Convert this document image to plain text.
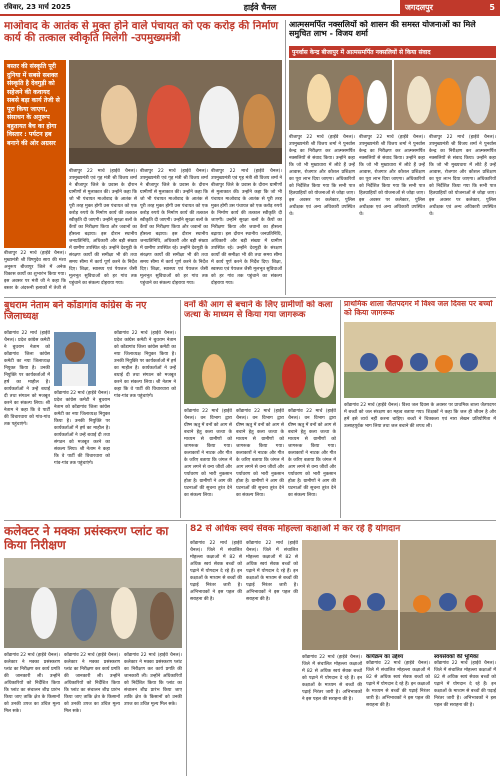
रविवार, 23 मार्च 2025	हाईवे चैनल	जगदलपुर	5
माओवाद के आतंक से मुक्त होने वाले पंचायत को एक करोड़ की निर्माण कार्य की तत्काल स्वीकृति मिलेगी -उपमुख्यमंत्री
बस्तर की संस्कृति पूरी दुनिया में सबसे सशक्त संस्कृति है देवगुड़ी को सहेजने की कवायद सबसे बड़ा कार्य तेजी से पूरा किया जाएगा, संसाधन के अनुरूप बहुतायत बैच का होगा विस्तार : पर्यटन हब बनाने की ओर अग्रसर
बीजापुर 22 मार्च (हाईवे चैनल)। मुख्यमंत्री श्री विष्णुदेव साय की मंशा अनुरूप बीजापुर जिले में अनेक विकास कार्यों का शुभारंभ किया गया। इस अवसर पर मंत्री जी ने कहा कि बस्तर के अंदरूनी इलाकों में तेजी से
बीजापुर 22 मार्च (हाईवे चैनल)। उपमुख्यमंत्री एवं गृह मंत्री श्री विजय शर्मा ने बीजापुर जिले के प्रवास के दौरान ग्रामीणों से मुलाकात की। उन्होंने कहा कि जो भी पंचायत माओवाद के आतंक से पूरी तरह मुक्त होगी उस पंचायत को एक करोड़ रुपये के निर्माण कार्य की तत्काल स्वीकृति दी जाएगी। उन्होंने सुरक्षा बलों के कैंपों का निरीक्षण किया और जवानों का हौसला बढ़ाया। इस दौरान स्थानीय जनप्रतिनिधि, अधिकारी और बड़ी संख्या में ग्रामीण उपस्थित रहे। उन्होंने देवगुड़ी के संरक्षण कार्यों की समीक्षा भी की तथा समय सीमा में कार्य पूर्ण करने के निर्देश दिए। शिक्षा, स्वास्थ्य एवं पेयजल जैसी मूलभूत सुविधाओं को हर गांव तक पहुंचाने का संकल्प दोहराया गया।
बीजापुर 22 मार्च (हाईवे चैनल)। उपमुख्यमंत्री एवं गृह मंत्री श्री विजय शर्मा ने बीजापुर जिले के प्रवास के दौरान ग्रामीणों से मुलाकात की। उन्होंने कहा कि जो भी पंचायत माओवाद के आतंक से पूरी तरह मुक्त होगी उस पंचायत को एक करोड़ रुपये के निर्माण कार्य की तत्काल स्वीकृति दी जाएगी। उन्होंने सुरक्षा बलों के कैंपों का निरीक्षण किया और जवानों का हौसला बढ़ाया। इस दौरान स्थानीय जनप्रतिनिधि, अधिकारी और बड़ी संख्या में ग्रामीण उपस्थित रहे। उन्होंने देवगुड़ी के संरक्षण कार्यों की समीक्षा भी की तथा समय सीमा में कार्य पूर्ण करने के निर्देश दिए। शिक्षा, स्वास्थ्य एवं पेयजल जैसी मूलभूत सुविधाओं को हर गांव तक पहुंचाने का संकल्प दोहराया गया।
बीजापुर 22 मार्च (हाईवे चैनल)। उपमुख्यमंत्री एवं गृह मंत्री श्री विजय शर्मा ने बीजापुर जिले के प्रवास के दौरान ग्रामीणों से मुलाकात की। उन्होंने कहा कि जो भी पंचायत माओवाद के आतंक से पूरी तरह मुक्त होगी उस पंचायत को एक करोड़ रुपये के निर्माण कार्य की तत्काल स्वीकृति दी जाएगी। उन्होंने सुरक्षा बलों के कैंपों का निरीक्षण किया और जवानों का हौसला बढ़ाया। इस दौरान स्थानीय जनप्रतिनिधि, अधिकारी और बड़ी संख्या में ग्रामीण उपस्थित रहे। उन्होंने देवगुड़ी के संरक्षण कार्यों की समीक्षा भी की तथा समय सीमा में कार्य पूर्ण करने के निर्देश दिए। शिक्षा, स्वास्थ्य एवं पेयजल जैसी मूलभूत सुविधाओं को हर गांव तक पहुंचाने का संकल्प दोहराया गया।
आत्मसमर्पित नक्सलियों को शासन की समस्त योजनाओं का मिले समुचित लाभ - विजय शर्मा
पुनर्वास केन्द्र बीजापुर में आत्मसमर्पित नक्सलियों से किया संवाद
बीजापुर 22 मार्च (हाईवे चैनल)। उपमुख्यमंत्री श्री विजय शर्मा ने पुनर्वास केन्द्र का निरीक्षण कर आत्मसमर्पित नक्सलियों से संवाद किया। उन्होंने कहा कि जो भी मुख्यधारा में लौटे हैं उन्हें आवास, रोजगार और कौशल प्रशिक्षण का पूरा लाभ दिया जाएगा। अधिकारियों को निर्देशित किया गया कि सभी पात्र हितग्राहियों को योजनाओं से जोड़ा जाए। इस अवसर पर कलेक्टर, पुलिस अधीक्षक एवं अन्य अधिकारी उपस्थित थे।
बीजापुर 22 मार्च (हाईवे चैनल)। उपमुख्यमंत्री श्री विजय शर्मा ने पुनर्वास केन्द्र का निरीक्षण कर आत्मसमर्पित नक्सलियों से संवाद किया। उन्होंने कहा कि जो भी मुख्यधारा में लौटे हैं उन्हें आवास, रोजगार और कौशल प्रशिक्षण का पूरा लाभ दिया जाएगा। अधिकारियों को निर्देशित किया गया कि सभी पात्र हितग्राहियों को योजनाओं से जोड़ा जाए। इस अवसर पर कलेक्टर, पुलिस अधीक्षक एवं अन्य अधिकारी उपस्थित थे।
बीजापुर 22 मार्च (हाईवे चैनल)। उपमुख्यमंत्री श्री विजय शर्मा ने पुनर्वास केन्द्र का निरीक्षण कर आत्मसमर्पित नक्सलियों से संवाद किया। उन्होंने कहा कि जो भी मुख्यधारा में लौटे हैं उन्हें आवास, रोजगार और कौशल प्रशिक्षण का पूरा लाभ दिया जाएगा। अधिकारियों को निर्देशित किया गया कि सभी पात्र हितग्राहियों को योजनाओं से जोड़ा जाए। इस अवसर पर कलेक्टर, पुलिस अधीक्षक एवं अन्य अधिकारी उपस्थित थे।
बुधराम नेताम बने कोंडागांव कांग्रेस के नए जिलाध्यक्ष
कोंडागांव 22 मार्च (हाईवे चैनल)। प्रदेश कांग्रेस कमेटी ने बुधराम नेताम को कोंडागांव जिला कांग्रेस कमेटी का नया जिलाध्यक्ष नियुक्त किया है। उनकी नियुक्ति पर कार्यकर्ताओं में हर्ष का माहौल है। कार्यकर्ताओं ने उन्हें बधाई दी तथा संगठन को मजबूत करने का संकल्प लिया। श्री नेताम ने कहा कि वे पार्टी की विचारधारा को गांव-गांव तक पहुंचाएंगे।
कोंडागांव 22 मार्च (हाईवे चैनल)। प्रदेश कांग्रेस कमेटी ने बुधराम नेताम को कोंडागांव जिला कांग्रेस कमेटी का नया जिलाध्यक्ष नियुक्त किया है। उनकी नियुक्ति पर कार्यकर्ताओं में हर्ष का माहौल है। कार्यकर्ताओं ने उन्हें बधाई दी तथा संगठन को मजबूत करने का संकल्प लिया। श्री नेताम ने कहा कि वे पार्टी की विचारधारा को गांव-गांव तक पहुंचाएंगे।
कोंडागांव 22 मार्च (हाईवे चैनल)। प्रदेश कांग्रेस कमेटी ने बुधराम नेताम को कोंडागांव जिला कांग्रेस कमेटी का नया जिलाध्यक्ष नियुक्त किया है। उनकी नियुक्ति पर कार्यकर्ताओं में हर्ष का माहौल है। कार्यकर्ताओं ने उन्हें बधाई दी तथा संगठन को मजबूत करने का संकल्प लिया। श्री नेताम ने कहा कि वे पार्टी की विचारधारा को गांव-गांव तक पहुंचाएंगे।
वनों की आग से बचाने के लिए ग्रामीणों को कला जत्था के माध्यम से किया गया जागरूक
कोंडागांव 22 मार्च (हाईवे चैनल)। वन विभाग द्वारा ग्रीष्म ऋतु में वनों को आग से बचाने हेतु कला जत्था के माध्यम से ग्रामीणों को जागरूक किया गया। कलाकारों ने नाटक और गीत के जरिए बताया कि जंगल में आग लगने से वन्य जीवों और पर्यावरण को भारी नुकसान होता है। ग्रामीणों ने आग की घटनाओं की सूचना तुरंत देने का संकल्प लिया।
कोंडागांव 22 मार्च (हाईवे चैनल)। वन विभाग द्वारा ग्रीष्म ऋतु में वनों को आग से बचाने हेतु कला जत्था के माध्यम से ग्रामीणों को जागरूक किया गया। कलाकारों ने नाटक और गीत के जरिए बताया कि जंगल में आग लगने से वन्य जीवों और पर्यावरण को भारी नुकसान होता है। ग्रामीणों ने आग की घटनाओं की सूचना तुरंत देने का संकल्प लिया।
कोंडागांव 22 मार्च (हाईवे चैनल)। वन विभाग द्वारा ग्रीष्म ऋतु में वनों को आग से बचाने हेतु कला जत्था के माध्यम से ग्रामीणों को जागरूक किया गया। कलाकारों ने नाटक और गीत के जरिए बताया कि जंगल में आग लगने से वन्य जीवों और पर्यावरण को भारी नुकसान होता है। ग्रामीणों ने आग की घटनाओं की सूचना तुरंत देने का संकल्प लिया।
प्राथमिक शाला जैतपदगर में विश्व जल दिवस पर बच्चों को किया जागरूक
कोंडागांव 22 मार्च (हाईवे चैनल)। विश्व जल दिवस के अवसर पर प्राथमिक शाला जैतपदगर में बच्चों को जल संरक्षण का महत्व बताया गया। शिक्षकों ने कहा कि जल ही जीवन है और हमें इसे व्यर्थ नहीं करना चाहिए। बच्चों ने चित्रकला एवं नारा लेखन प्रतियोगिता में उत्साहपूर्वक भाग लिया तथा जल बचाने की शपथ ली।
कलेक्टर ने मक्का प्रसंस्करण प्लांट का किया निरीक्षण
कोंडागांव 22 मार्च (हाईवे चैनल)। कलेक्टर ने मक्का प्रसंस्करण प्लांट का निरीक्षण कर कार्य प्रगति की जानकारी ली। उन्होंने अधिकारियों को निर्देशित किया कि प्लांट का संचालन शीघ्र प्रारंभ किया जाए ताकि क्षेत्र के किसानों को उनकी उपज का उचित मूल्य मिल सके।
कोंडागांव 22 मार्च (हाईवे चैनल)। कलेक्टर ने मक्का प्रसंस्करण प्लांट का निरीक्षण कर कार्य प्रगति की जानकारी ली। उन्होंने अधिकारियों को निर्देशित किया कि प्लांट का संचालन शीघ्र प्रारंभ किया जाए ताकि क्षेत्र के किसानों को उनकी उपज का उचित मूल्य मिल सके।
कोंडागांव 22 मार्च (हाईवे चैनल)। कलेक्टर ने मक्का प्रसंस्करण प्लांट का निरीक्षण कर कार्य प्रगति की जानकारी ली। उन्होंने अधिकारियों को निर्देशित किया कि प्लांट का संचालन शीघ्र प्रारंभ किया जाए ताकि क्षेत्र के किसानों को उनकी उपज का उचित मूल्य मिल सके।
82 से अधिक स्वयं सेवक मोहल्ला कक्षाओं में कर रहे हैं योगदान
कोंडागांव 22 मार्च (हाईवे चैनल)। जिले में संचालित मोहल्ला कक्षाओं में 82 से अधिक स्वयं सेवक बच्चों को पढ़ाने में योगदान दे रहे हैं। इन कक्षाओं के माध्यम से बच्चों की पढ़ाई निरंतर जारी है। अभिभावकों ने इस पहल की सराहना की है।
कोंडागांव 22 मार्च (हाईवे चैनल)। जिले में संचालित मोहल्ला कक्षाओं में 82 से अधिक स्वयं सेवक बच्चों को पढ़ाने में योगदान दे रहे हैं। इन कक्षाओं के माध्यम से बच्चों की पढ़ाई निरंतर जारी है। अभिभावकों ने इस पहल की सराहना की है।
कोंडागांव 22 मार्च (हाईवे चैनल)। जिले में संचालित मोहल्ला कक्षाओं में 82 से अधिक स्वयं सेवक बच्चों को पढ़ाने में योगदान दे रहे हैं। इन कक्षाओं के माध्यम से बच्चों की पढ़ाई निरंतर जारी है। अभिभावकों ने इस पहल की सराहना की है।
कार्यक्रम का उद्देश्य
कोंडागांव 22 मार्च (हाईवे चैनल)। जिले में संचालित मोहल्ला कक्षाओं में 82 से अधिक स्वयं सेवक बच्चों को पढ़ाने में योगदान दे रहे हैं। इन कक्षाओं के माध्यम से बच्चों की पढ़ाई निरंतर जारी है। अभिभावकों ने इस पहल की सराहना की है।
स्वयंसेवकों की भूमिका
कोंडागांव 22 मार्च (हाईवे चैनल)। जिले में संचालित मोहल्ला कक्षाओं में 82 से अधिक स्वयं सेवक बच्चों को पढ़ाने में योगदान दे रहे हैं। इन कक्षाओं के माध्यम से बच्चों की पढ़ाई निरंतर जारी है। अभिभावकों ने इस पहल की सराहना की है।
